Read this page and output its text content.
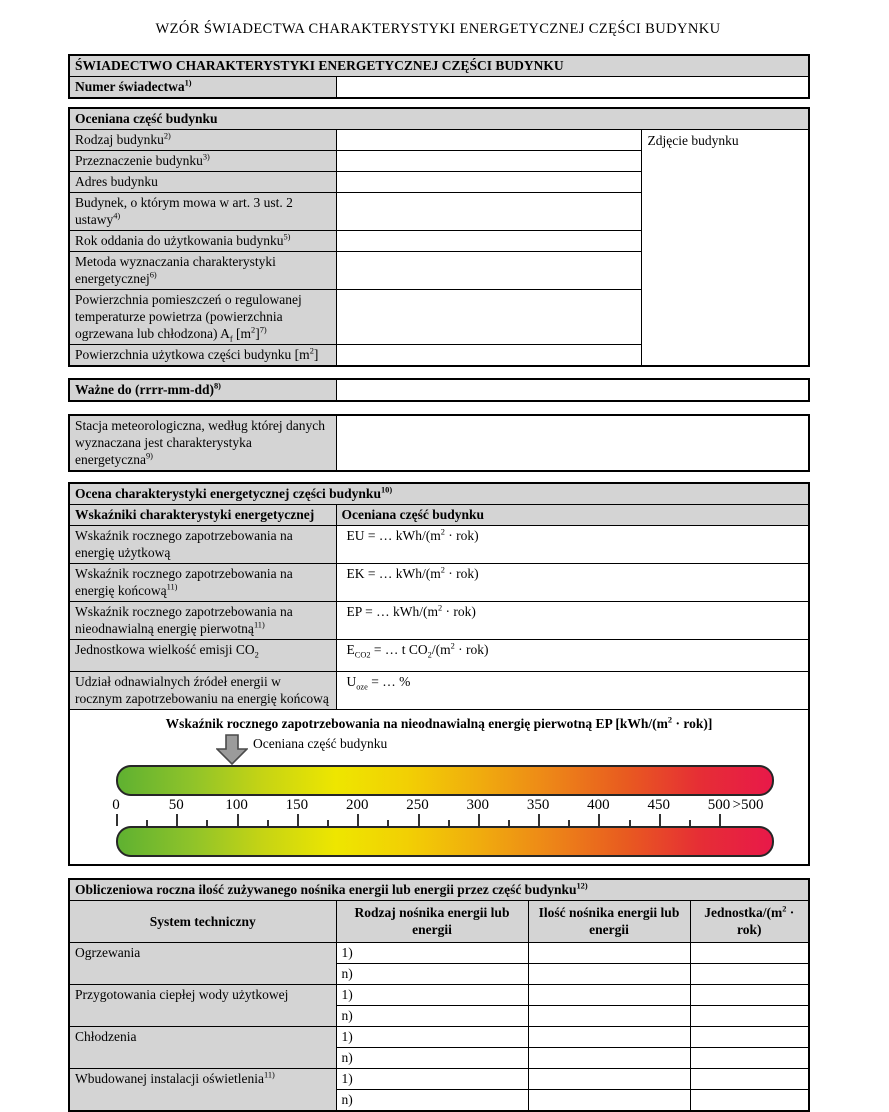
WZÓR ŚWIADECTWA CHARAKTERYSTYKI ENERGETYCZNEJ CZĘŚCI BUDYNKU
ŚWIADECTWO CHARAKTERYSTYKI ENERGETYCZNEJ CZĘŚCI BUDYNKU
Numer świadectwa$^{1)}$	
Oceniana część budynku		
Rodzaj budynku$^{2)}$		Zdjęcie budynku
Przeznaczenie budynku$^{3)}$	
Adres budynku		
Budynek, o którym mowa w art. 3 ust. 2 ustawy$^{4)}$	
Rok oddania do użytkowania budynku$^{5)}$	
Metoda wyznaczania charakterystyki energetycznej$^{6)}$	
Powierzchnia pomieszczeń o regulowanej temperaturze powietrza (powierzchnia ogrzewana lub chłodzona) $A_f$ $[m^2]^{7)}$	
Powierzchnia użytkowa części budynku $[m^2]$		
Ważne do (rrrr-mm-dd)$^{8)}$	
Stacja meteorologiczna, według której danych wyznaczana jest charakterystyka energetyczna$^{9)}$	
Ocena charakterystyki energetycznej części budynku$^{10)}$
Wskaźniki charakterystyki energetycznej	Oceniana część budynku
Wskaźnik rocznego zapotrzebowania na energię użytkową	EU = … kWh/$(m^2 \cdot rok)$
Wskaźnik rocznego zapotrzebowania na energię końcową$^{11)}$	EK = … kWh/$(m^2 \cdot rok)$
Wskaźnik rocznego zapotrzebowania na nieodnawialną energię pierwotną$^{11)}$	EP = … kWh/$(m^2 \cdot rok)$
Jednostkowa wielkość emisji $CO_2$	$E_{CO2}$ = … t $CO_2/(m^2 \cdot rok)$
Udział odnawialnych źródeł energii w rocznym zapotrzebowaniu na energię końcową	$U_{oze}$ = … %

Wskaźnik rocznego zapotrzebowania na nieodnawialną energię pierwotną EP $[kWh/(m^2 \cdot rok)]$
Oceniana część budynku
0	50	100	150	200	250	300	350	400	450	500 >500
Obliczeniowa roczna ilość zużywanego nośnika energii lub energii przez część budynku$^{12)}$
System techniczny	Rodzaj nośnika energii lub energii	Ilość nośnika energii lub energii	Jednostka/$(m^2 \cdot rok)$
Ogrzewania	1)		
	n)		
Przygotowania ciepłej wody użytkowej	1)		
	n)		
Chłodzenia	1)		
	n)		
Wbudowanej instalacji oświetlenia$^{11)}$	1)		
	n)		
